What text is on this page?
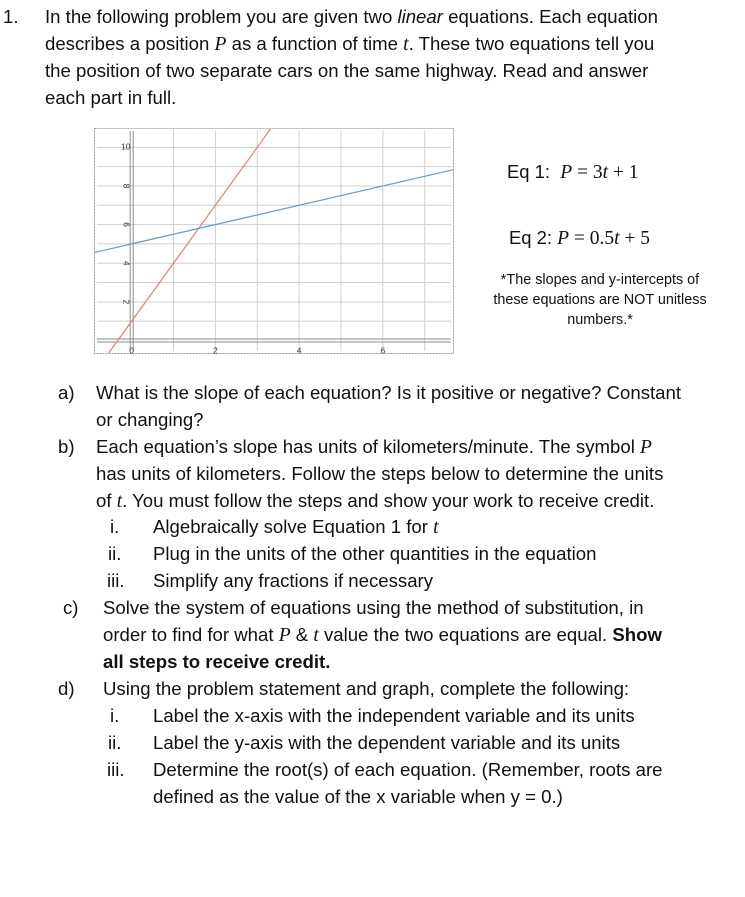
1. In the following problem you are given two linear equations. Each equation
describes a position P as a function of time t. These two equations tell you
the position of two separate cars on the same highway. Read and answer
each part in full.
0	2	4	6
2
4
6
8
10
Eq 1: P = 3t + 1
Eq 2: P = 0.5t + 5
*The slopes and y-intercepts of
these equations are NOT unitless
numbers.*
a) What is the slope of each equation? Is it positive or negative? Constant
or changing?
b) Each equation’s slope has units of kilometers/minute. The symbol P
has units of kilometers. Follow the steps below to determine the units
of t. You must follow the steps and show your work to receive credit.
i. Algebraically solve Equation 1 for t
ii. Plug in the units of the other quantities in the equation
iii. Simplify any fractions if necessary
c) Solve the system of equations using the method of substitution, in
order to find for what P & t value the two equations are equal. Show
all steps to receive credit.
d) Using the problem statement and graph, complete the following:
i. Label the x-axis with the independent variable and its units
ii. Label the y-axis with the dependent variable and its units
iii. Determine the root(s) of each equation. (Remember, roots are
defined as the value of the x variable when y = 0.)
